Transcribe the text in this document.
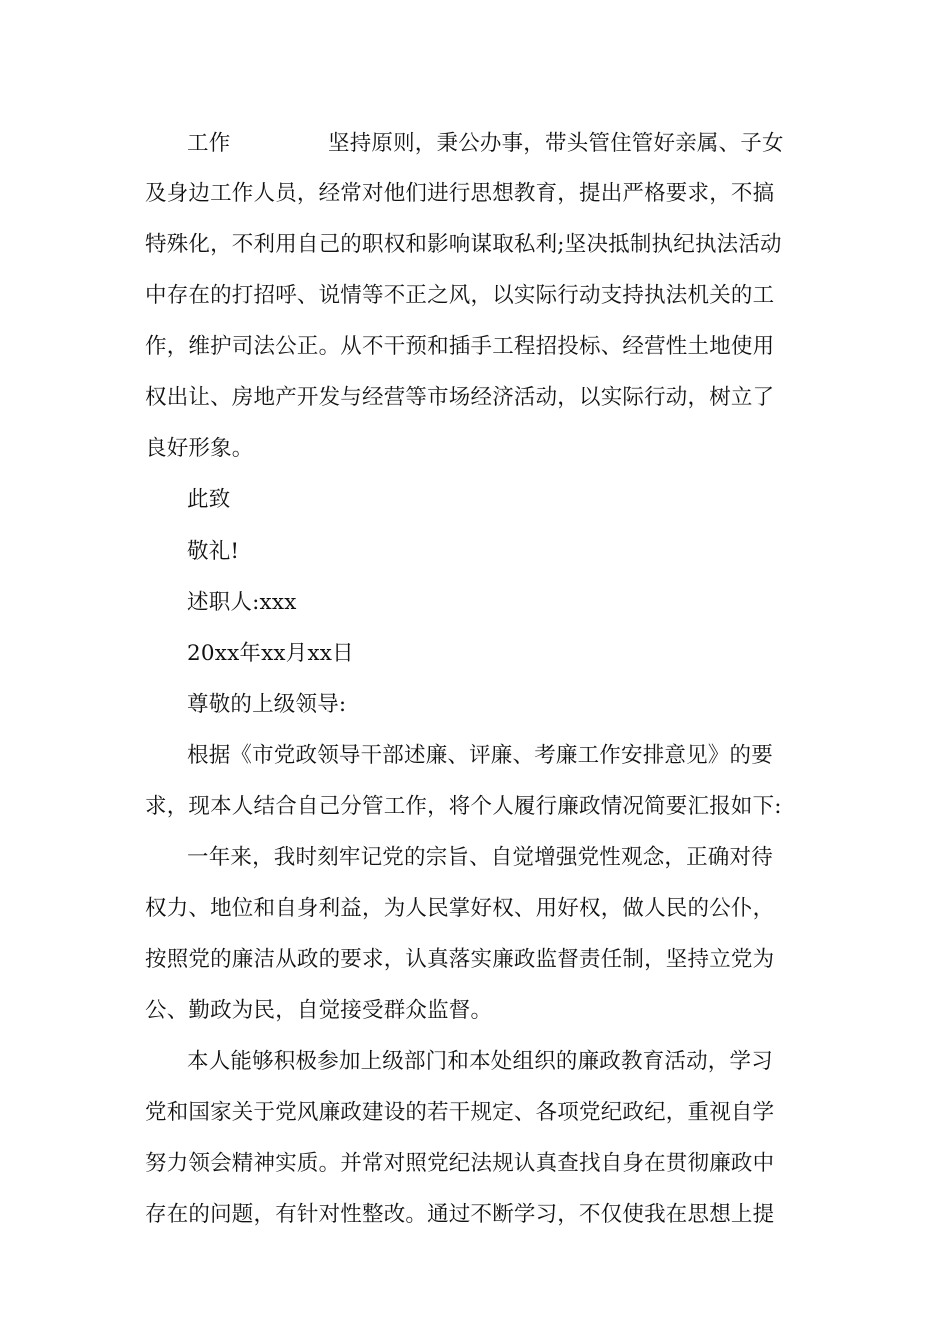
工作	坚持原则，秉公办事，带头管住管好亲属、子女
及身边工作人员，经常对他们进行思想教育，提出严格要求，不搞
特殊化，不利用自己的职权和影响谋取私利;坚决抵制执纪执法活动
中存在的打招呼、说情等不正之风，以实际行动支持执法机关的工
作，维护司法公正。从不干预和插手工程招投标、经营性土地使用
权出让、房地产开发与经营等市场经济活动，以实际行动，树立了
良好形象。
此致
敬礼!
述职人:xxx
20xx年xx月xx日
尊敬的上级领导:
根据《市党政领导干部述廉、评廉、考廉工作安排意见》的要
求，现本人结合自己分管工作，将个人履行廉政情况简要汇报如下:
一年来，我时刻牢记党的宗旨、自觉增强党性观念，正确对待
权力、地位和自身利益，为人民掌好权、用好权，做人民的公仆，
按照党的廉洁从政的要求，认真落实廉政监督责任制，坚持立党为
公、勤政为民，自觉接受群众监督。
本人能够积极参加上级部门和本处组织的廉政教育活动，学习
党和国家关于党风廉政建设的若干规定、各项党纪政纪，重视自学
努力领会精神实质。并常对照党纪法规认真查找自身在贯彻廉政中
存在的问题，有针对性整改。通过不断学习，不仅使我在思想上提
